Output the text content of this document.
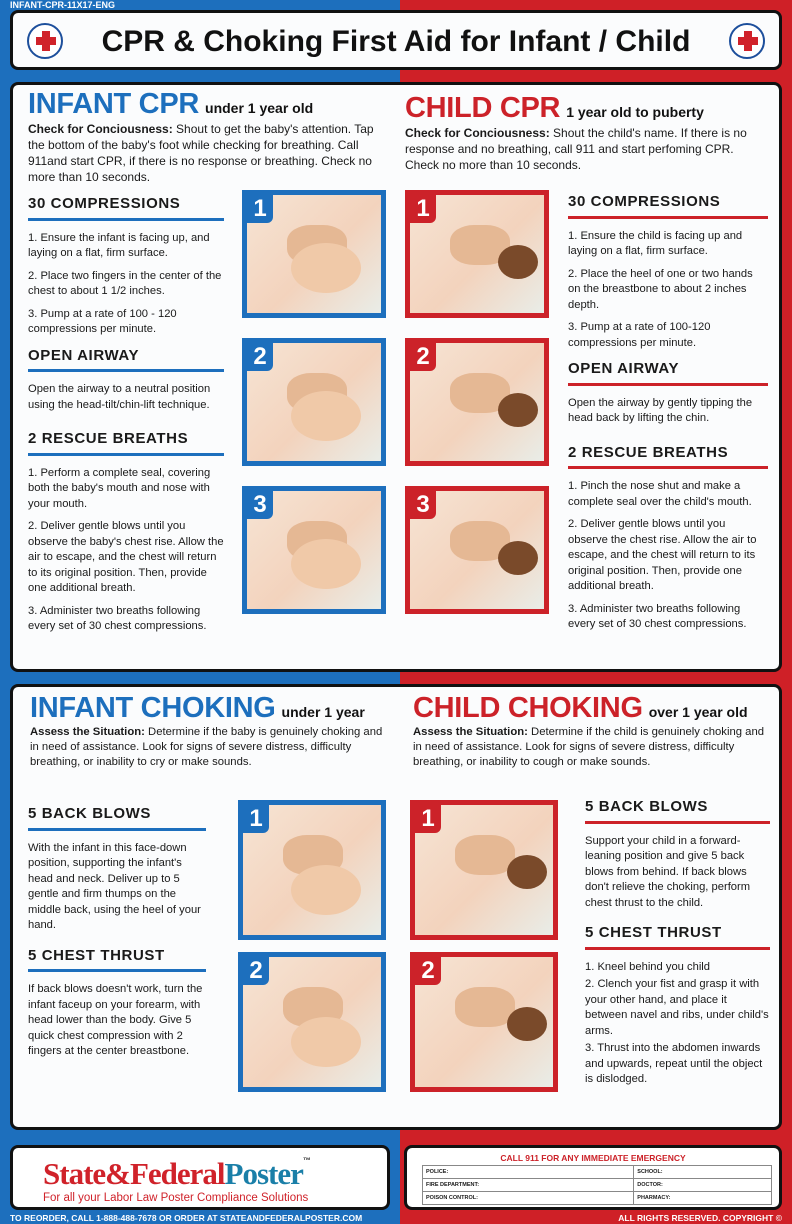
INFANT-CPR-11X17-ENG
CPR & Choking First Aid for Infant / Child
INFANT CPR under 1 year old
Check for Conciousness: Shout to get the baby's attention. Tap the bottom of the baby's foot while checking for breathing. Call 911and start CPR, if there is no response or breathing. Check no more than 10 seconds.
CHILD CPR 1 year old to puberty
Check for Conciousness: Shout the child's name. If there is no response and no breathing, call 911 and start perfoming CPR. Check no more than 10 seconds.
30 COMPRESSIONS

1. Ensure the infant is facing up, and laying on a flat, firm surface.

2. Place two fingers in the center of the chest to about 1 1/2 inches.

3. Pump at a rate of 100 - 120 compressions per minute.

OPEN AIRWAY

Open the airway to a neutral position using the head-tilt/chin-lift technique.

2 RESCUE BREATHS

1. Perform a complete seal, covering both the baby's mouth and nose with your mouth.

2. Deliver gentle blows until you observe the baby's chest rise. Allow the air to escape, and the chest will return to its original position. Then, provide one additional breath.

3. Administer two breaths following every set of 30 chest compressions.

30 COMPRESSIONS

1. Ensure the child is facing up and laying on a flat, firm surface.

2. Place the heel of one or two hands on the breastbone to about 2 inches depth.

3. Pump at a rate of 100-120 compressions per minute.

OPEN AIRWAY

Open the airway by gently tipping the head back by lifting the chin.

2 RESCUE BREATHS

1. Pinch the nose shut and make a complete seal over the child's mouth.

2. Deliver gentle blows until you observe the chest rise. Allow the air to escape, and the chest will return to its original position. Then, provide one additional breath.

3. Administer two breaths following every set of 30 chest compressions.

1
2
3
1
2
3
INFANT CHOKING under 1 year
Assess the Situation: Determine if the baby is genuinely choking and in need of assistance. Look for signs of severe distress, difficulty breathing, or inability to cry or make sounds.
CHILD CHOKING over 1 year old
Assess the Situation: Determine if the child is genuinely choking and in need of assistance. Look for signs of severe distress, difficulty breathing, or inability to cough or make sounds.
5 BACK BLOWS

With the infant in this face-down position, supporting the infant's head and neck. Deliver up to 5 gentle and firm thumps on the middle back, using the heel of your hand.

5 CHEST THRUST

If back blows doesn't work, turn the infant faceup on your forearm, with head lower than the body. Give 5 quick chest compression with 2 fingers at the center breastbone.

5 BACK BLOWS

Support your child in a forward-leaning position and give 5 back blows from behind. If back blows don't relieve the choking, perform chest thrust to the child.

5 CHEST THRUST

1. Kneel behind you child

2. Clench your fist and grasp it with your other hand, and place it between navel and ribs, under child's arms.

3. Thrust into the abdomen inwards and upwards, repeat until the object is dislodged.

1
2
1
2
State&FederalPoster™
For all your Labor Law Poster Compliance Solutions
CALL 911 FOR ANY IMMEDIATE EMERGENCY
POLICE:	SCHOOL:
FIRE DEPARTMENT:	DOCTOR:
POISON CONTROL:	PHARMACY:
TO REORDER, CALL 1-888-488-7678 OR ORDER AT STATEANDFEDERALPOSTER.COM	ALL RIGHTS RESERVED. COPYRIGHT ©
